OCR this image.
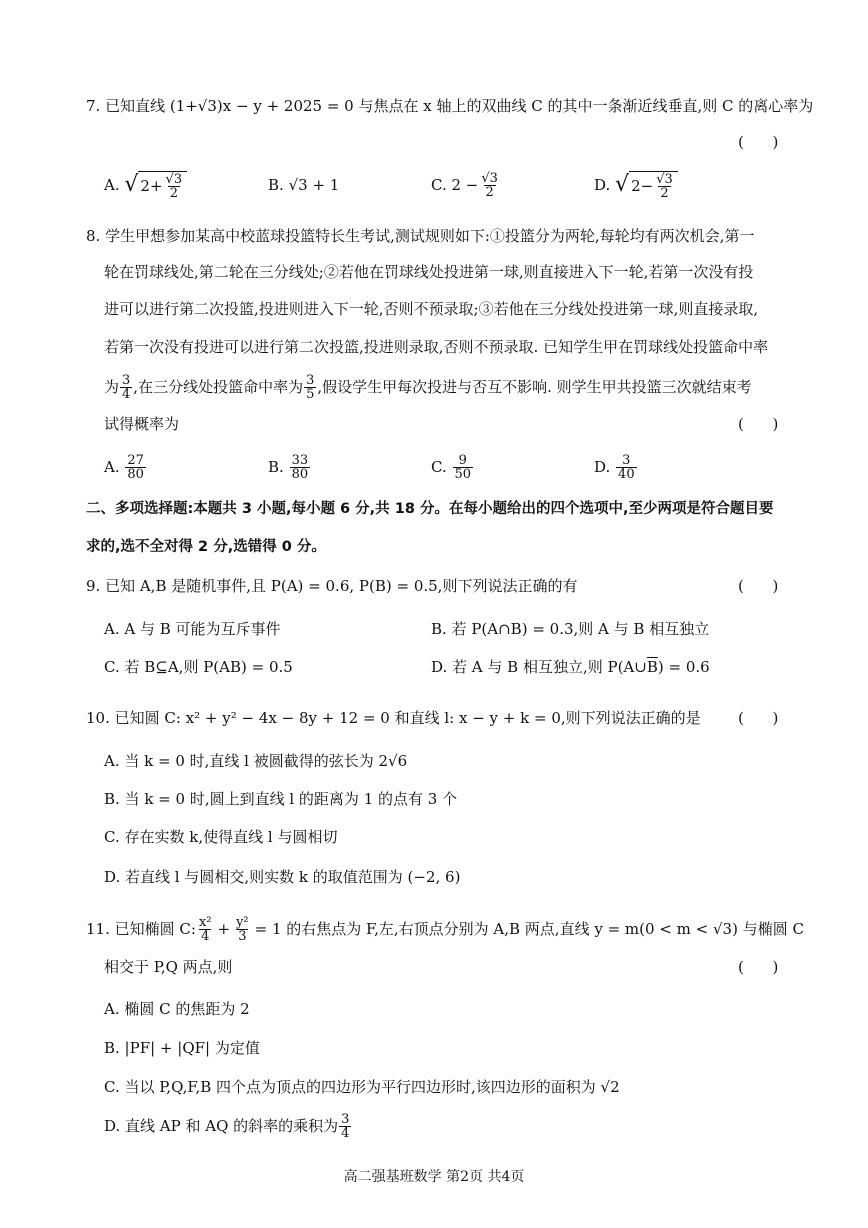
7. 已知直线 (1+√3)x − y + 2025 = 0 与焦点在 x 轴上的双曲线 C 的其中一条渐近线垂直,则 C 的离心率为
(      )
A.
√ $2+ \frac{√3}{2}$	B. √3 + 1	C.
$2 - \frac{√3}{2}$	D.
√ $2- \frac{√3}{2}$
8. 学生甲想参加某高中校蓝球投篮特长生考试,测试规则如下:①投篮分为两轮,每轮均有两次机会,第一
轮在罚球线处,第二轮在三分线处;②若他在罚球线处投进第一球,则直接进入下一轮,若第一次没有投
进可以进行第二次投篮,投进则进入下一轮,否则不预录取;③若他在三分线处投进第一球,则直接录取,
若第一次没有投进可以进行第二次投篮,投进则录取,否则不预录取. 已知学生甲在罚球线处投篮命中率
为 $\frac{3}{4}$ ,在三分线处投篮命中率为 $\frac{3}{5}$ ,假设学生甲每次投进与否互不影响. 则学生甲共投篮三次就结束考
试得概率为	(      )
A.
$\frac{27}{80}$	B.
$\frac{33}{80}$	C.
$\frac{9}{50}$	D.
$\frac{3}{40}$
二、多项选择题:本题共 3 小题,每小题 6 分,共 18 分。在每小题给出的四个选项中,至少两项是符合题目要
求的,选不全对得 2 分,选错得 0 分。
9. 已知 A,B 是随机事件,且 P(A) = 0.6, P(B) = 0.5,则下列说法正确的有	(      )
A. A 与 B 可能为互斥事件	B. 若 P(A∩B) = 0.3,则 A 与 B 相互独立
C. 若 B⊆A,则 P(AB) = 0.5	D. 若 A 与 B 相互独立,则 $P(A\cup\overline{B}) = 0.6$
10. 已知圆 C: x² + y² − 4x − 8y + 12 = 0 和直线 l: x − y + k = 0,则下列说法正确的是 (      )
A. 当 k = 0 时,直线 l 被圆截得的弦长为 2√6
B. 当 k = 0 时,圆上到直线 l 的距离为 1 的点有 3 个
C. 存在实数 k,使得直线 l 与圆相切
D. 若直线 l 与圆相交,则实数 k 的取值范围为 (−2, 6)
11. 已知椭圆 C: $\frac{\text{x²}}{4} + \frac{\text{y²}}{3} = 1$ 的右焦点为 F,左,右顶点分别为 A,B 两点,直线 y = m(0 < m < √3) 与椭圆 C
相交于 P,Q 两点,则	(      )
A. 椭圆 C 的焦距为 2
B. |PF| + |QF| 为定值
C. 当以 P,Q,F,B 四个点为顶点的四边形为平行四边形时,该四边形的面积为 √2
D. 直线 AP 和 AQ 的斜率的乘积为 $\frac{3}{4}$
高二强基班数学 第2页 共4页
